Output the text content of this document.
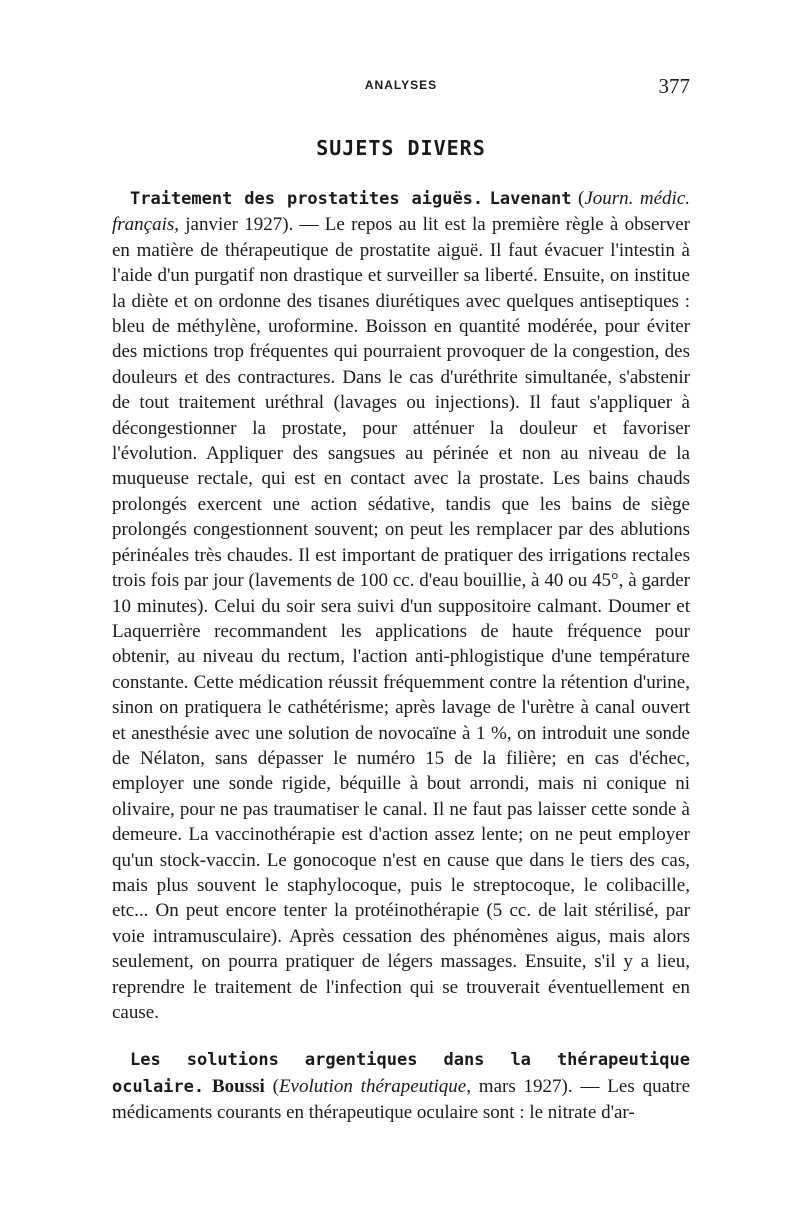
ANALYSES	377
SUJETS DIVERS

Traitement des prostatites aiguës. Lavenant (Journ. médic. français, janvier 1927). — Le repos au lit est la première règle à observer en matière de thérapeutique de prostatite aiguë. Il faut évacuer l'intestin à l'aide d'un purgatif non drastique et surveiller sa liberté. Ensuite, on institue la diète et on ordonne des tisanes diurétiques avec quelques antiseptiques : bleu de méthylène, uroformine. Boisson en quantité modérée, pour éviter des mictions trop fréquentes qui pourraient provoquer de la congestion, des douleurs et des contractures. Dans le cas d'uréthrite simultanée, s'abstenir de tout traitement uréthral (lavages ou injections). Il faut s'appliquer à décongestionner la prostate, pour atténuer la douleur et favoriser l'évolution. Appliquer des sangsues au périnée et non au niveau de la muqueuse rectale, qui est en contact avec la prostate. Les bains chauds prolongés exercent une action sédative, tandis que les bains de siège prolongés congestionnent souvent; on peut les remplacer par des ablutions périnéales très chaudes. Il est important de pratiquer des irrigations rectales trois fois par jour (lavements de 100 cc. d'eau bouillie, à 40 ou 45°, à garder 10 minutes). Celui du soir sera suivi d'un suppositoire calmant. Doumer et Laquerrière recommandent les applications de haute fréquence pour obtenir, au niveau du rectum, l'action anti-phlogistique d'une température constante. Cette médication réussit fréquemment contre la rétention d'urine, sinon on pratiquera le cathétérisme; après lavage de l'urètre à canal ouvert et anesthésie avec une solution de novocaïne à 1 %, on introduit une sonde de Nélaton, sans dépasser le numéro 15 de la filière; en cas d'échec, employer une sonde rigide, béquille à bout arrondi, mais ni conique ni olivaire, pour ne pas traumatiser le canal. Il ne faut pas laisser cette sonde à demeure. La vaccinothérapie est d'action assez lente; on ne peut employer qu'un stock-vaccin. Le gonocoque n'est en cause que dans le tiers des cas, mais plus souvent le staphylocoque, puis le streptocoque, le colibacille, etc... On peut encore tenter la protéinothérapie (5 cc. de lait stérilisé, par voie intramusculaire). Après cessation des phénomènes aigus, mais alors seulement, on pourra pratiquer de légers massages. Ensuite, s'il y a lieu, reprendre le traitement de l'infection qui se trouverait éventuellement en cause.

Les solutions argentiques dans la thérapeutique oculaire. Boussi (Evolution thérapeutique, mars 1927). — Les quatre médicaments courants en thérapeutique oculaire sont : le nitrate d'ar-
